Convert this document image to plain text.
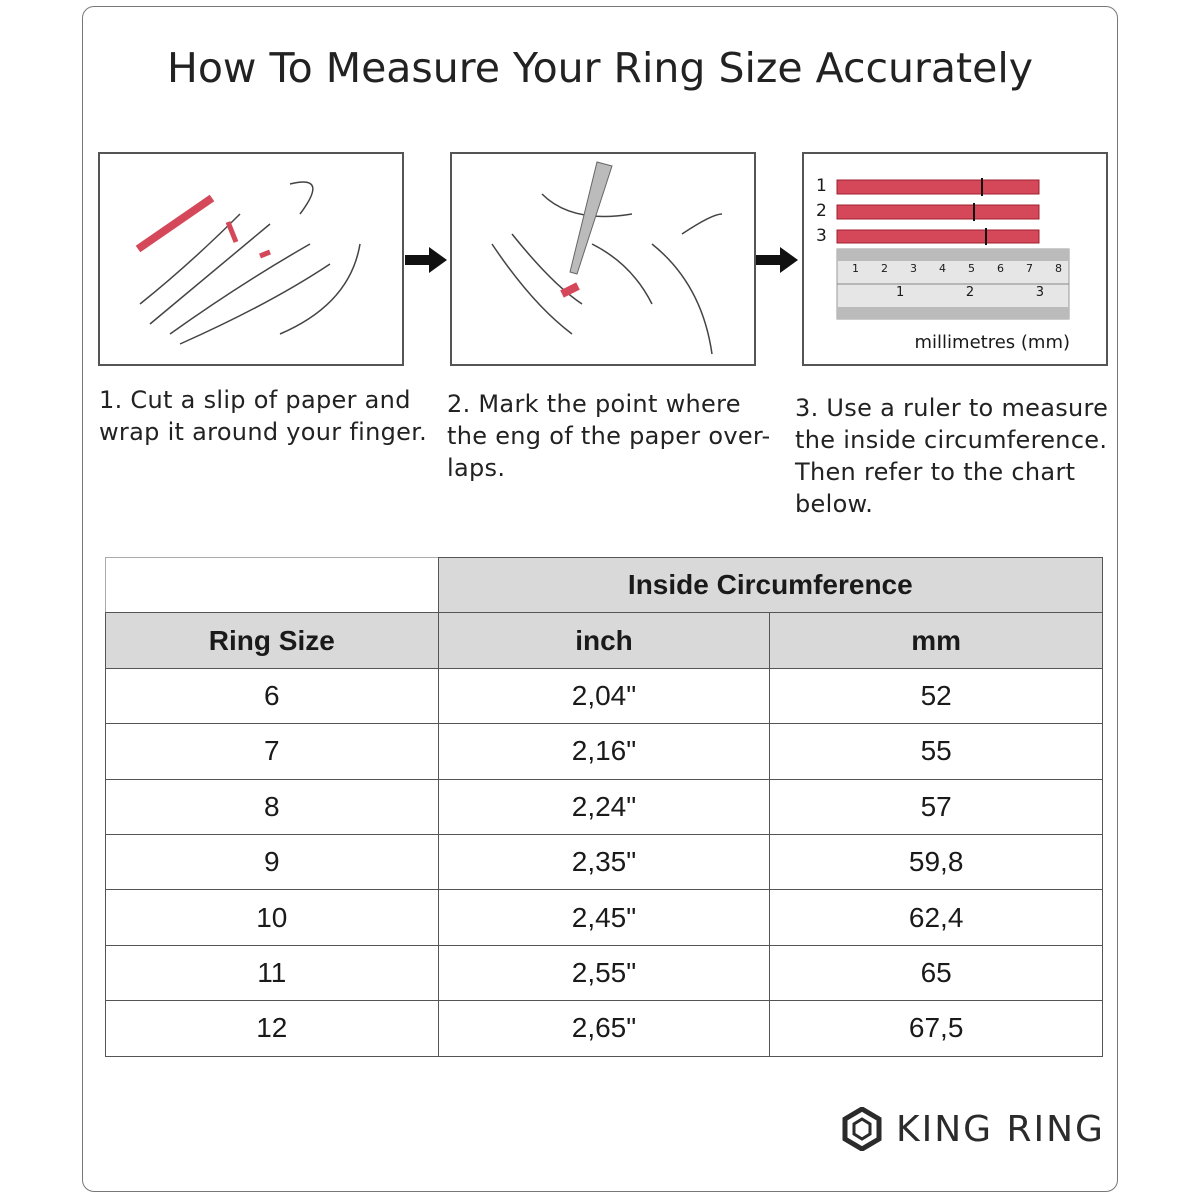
How To Measure Your Ring Size Accurately
1
2
3
1 2 3 4 5 6 7 8
1	2	3
millimetres (mm)
1. Cut a slip of paper and wrap it around your finger.
2. Mark the point where the eng of the paper over-laps.
3. Use a ruler to measure the inside circumference. Then refer to the chart below.
	Inside Circumference	
Ring Size	inch	mm
6	2,04"	52
7	2,16"	55
8	2,24"	57
9	2,35"	59,8
10	2,45"	62,4
11	2,55"	65
12	2,65"	67,5
KING RING
